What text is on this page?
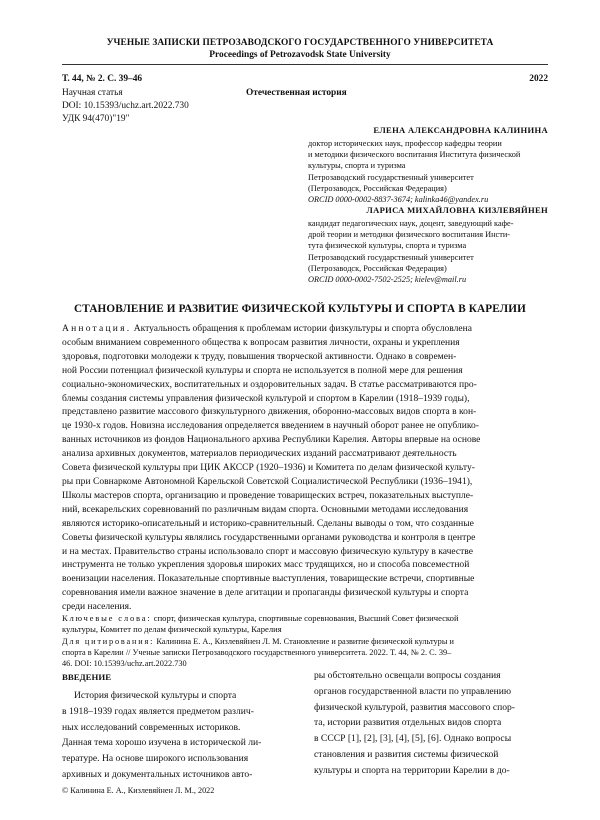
УЧЕНЫЕ ЗАПИСКИ ПЕТРОЗАВОДСКОГО ГОСУДАРСТВЕННОГО УНИВЕРСИТЕТА
Proceedings of Petrozavodsk State University
Т. 44, № 2. С. 39–46	2022
Научная статья	Отечественная история
DOI: 10.15393/uchz.art.2022.730
УДК 94(470)"19"
ЕЛЕНА АЛЕКСАНДРОВНА КАЛИНИНА
доктор исторических наук, профессор кафедры теории
и методики физического воспитания Института физической
культуры, спорта и туризма
Петрозаводский государственный университет
(Петрозаводск, Российская Федерация)
ORCID 0000-0002-8837-3674; kalinka46@yandex.ru
ЛАРИСА МИХАЙЛОВНА КИЗЛЕВЯЙНЕН
кандидат педагогических наук, доцент, заведующий кафе-
дрой теории и методики физического воспитания Инсти-
тута физической культуры, спорта и туризма
Петрозаводский государственный университет
(Петрозаводск, Российская Федерация)
ORCID 0000-0002-7502-2525; kielev@mail.ru
СТАНОВЛЕНИЕ И РАЗВИТИЕ ФИЗИЧЕСКОЙ КУЛЬТУРЫ И СПОРТА В КАРЕЛИИ
Аннотация. Актуальность обращения к проблемам истории физкультуры и спорта обусловлена
особым вниманием современного общества к вопросам развития личности, охраны и укрепления
здоровья, подготовки молодежи к труду, повышения творческой активности. Однако в современ-
ной России потенциал физической культуры и спорта не используется в полной мере для решения
социально-экономических, воспитательных и оздоровительных задач. В статье рассматриваются про-
блемы создания системы управления физической культурой и спортом в Карелии (1918–1939 годы),
представлено развитие массового физкультурного движения, оборонно-массовых видов спорта в кон-
це 1930-х годов. Новизна исследования определяется введением в научный оборот ранее не опублико-
ванных источников из фондов Национального архива Республики Карелия. Авторы впервые на основе
анализа архивных документов, материалов периодических изданий рассматривают деятельность
Совета физической культуры при ЦИК АКССР (1920–1936) и Комитета по делам физической культу-
ры при Совнаркоме Автономной Карельской Советской Социалистической Республики (1936–1941),
Школы мастеров спорта, организацию и проведение товарищеских встреч, показательных выступле-
ний, всекарельских соревнований по различным видам спорта. Основными методами исследования
являются историко-описательный и историко-сравнительный. Сделаны выводы о том, что созданные
Советы физической культуры являлись государственными органами руководства и контроля в центре
и на местах. Правительство страны использовало спорт и массовую физическую культуру в качестве
инструмента не только укрепления здоровья широких масс трудящихся, но и способа повсеместной
военизации населения. Показательные спортивные выступления, товарищеские встречи, спортивные
соревнования имели важное значение в деле агитации и пропаганды физической культуры и спорта
среди населения.
Ключевые слова: спорт, физическая культура, спортивные соревнования, Высший Совет физической
культуры, Комитет по делам физической культуры, Карелия
Для цитирования: Калинина Е. А., Кизлевяйнен Л. М. Становление и развитие физической культуры и
спорта в Карелии // Ученые записки Петрозаводского государственного университета. 2022. Т. 44, № 2. С. 39–
46. DOI: 10.15393/uchz.art.2022.730
ВВЕДЕНИЕ
История физической культуры и спорта
в 1918–1939 годах является предметом различ-
ных исследований современных историков.
Данная тема хорошо изучена в исторической ли-
тературе. На основе широкого использования
архивных и документальных источников авто-
ры обстоятельно освещали вопросы создания
органов государственной власти по управлению
физической культурой, развития массового спор-
та, истории развития отдельных видов спорта
в СССР [1], [2], [3], [4], [5], [6]. Однако вопросы
становления и развития системы физической
культуры и спорта на территории Карелии в до-
© Калинина Е. А., Кизлевяйнен Л. М., 2022
